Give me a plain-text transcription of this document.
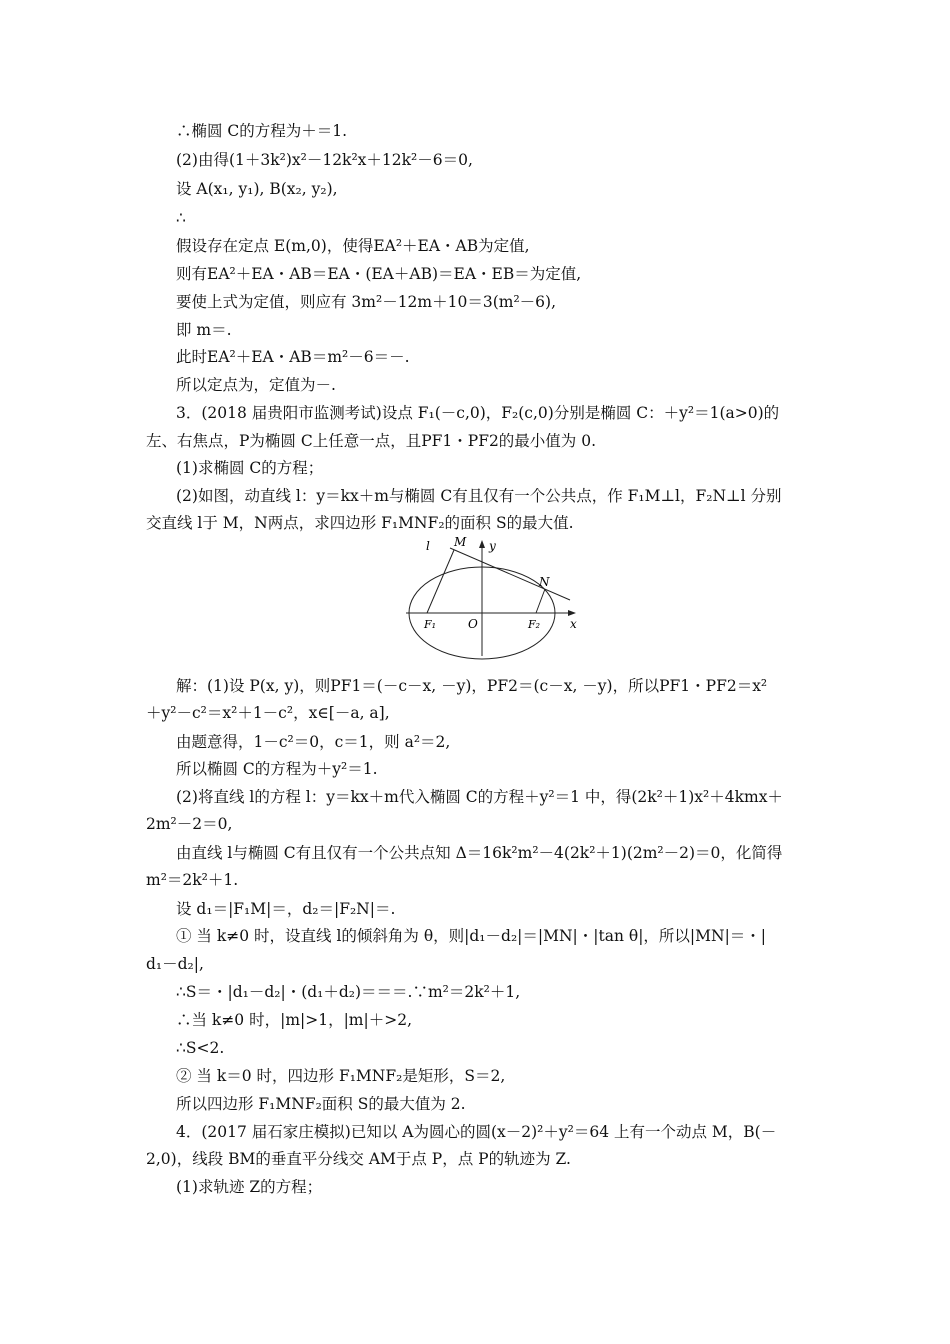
∴椭圆 C的方程为＋＝1.
(2)由得(1＋3k²)x²－12k²x＋12k²－6＝0,
设 A(x₁, y₁), B(x₂, y₂),
∴
假设存在定点 E(m,0)，使得EA²＋EA・AB为定值,
则有EA²＋EA・AB＝EA・(EA＋AB)＝EA・EB＝为定值,
要使上式为定值，则应有 3m²－12m＋10＝3(m²－6),
即 m＝.
此时EA²＋EA・AB＝m²－6＝－.
所以定点为，定值为－.
3．(2018 届贵阳市监测考试)设点 F₁(－c,0)，F₂(c,0)分别是椭圆 C：＋y²＝1(a>0)的
左、右焦点，P为椭圆 C上任意一点，且PF1・PF2的最小值为 0.
(1)求椭圆 C的方程；
(2)如图，动直线 l：y＝kx＋m与椭圆 C有且仅有一个公共点，作 F₁M⊥l，F₂N⊥l 分别
交直线 l于 M，N两点，求四边形 F₁MNF₂的面积 S的最大值.
l M y
N
F₁	O	F₂ x
解：(1)设 P(x, y)，则PF1＝(－c－x, －y)，PF2＝(c－x, －y)，所以PF1・PF2＝x²
＋y²－c²＝x²＋1－c²，x∈[－a, a],
由题意得，1－c²＝0，c＝1，则 a²＝2,
所以椭圆 C的方程为＋y²＝1.
(2)将直线 l的方程 l：y＝kx＋m代入椭圆 C的方程＋y²＝1 中，得(2k²＋1)x²＋4kmx＋
2m²－2＝0,
由直线 l与椭圆 C有且仅有一个公共点知 Δ＝16k²m²－4(2k²＋1)(2m²－2)＝0，化简得
m²＝2k²＋1.
设 d₁＝|F₁M|＝，d₂＝|F₂N|＝.
① 当 k≠0 时，设直线 l的倾斜角为 θ，则|d₁－d₂|＝|MN|・|tan θ|，所以|MN|＝・|
d₁－d₂|,
∴S＝・|d₁－d₂|・(d₁＋d₂)＝＝＝.∵m²＝2k²＋1,
∴当 k≠0 时，|m|>1，|m|＋>2,
∴S<2.
② 当 k＝0 时，四边形 F₁MNF₂是矩形，S＝2,
所以四边形 F₁MNF₂面积 S的最大值为 2.
4．(2017 届石家庄模拟)已知以 A为圆心的圆(x－2)²＋y²＝64 上有一个动点 M，B(－
2,0)，线段 BM的垂直平分线交 AM于点 P，点 P的轨迹为 Z.
(1)求轨迹 Z的方程；
